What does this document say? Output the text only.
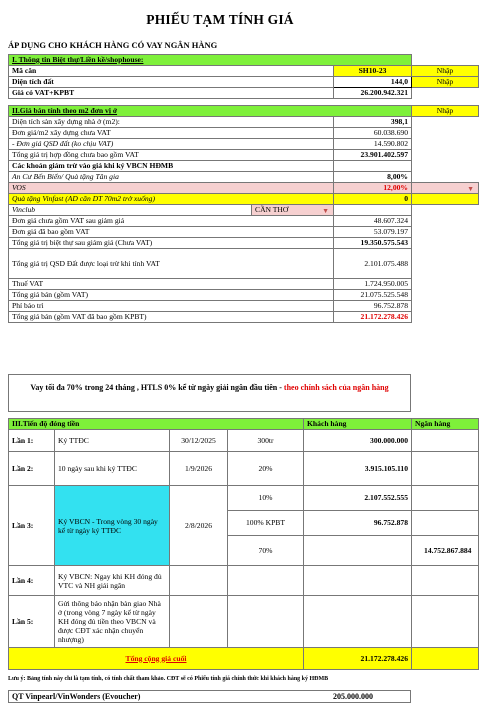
PHIẾU TẠM TÍNH GIÁ
ÁP DỤNG CHO KHÁCH HÀNG CÓ VAY NGÂN HÀNG
I. Thông tin Biệt thự/Liền kề/shophouse:			
Mã căn		SH10-23	Nhập
Diện tích đất		144,0	Nhập
Giá có VAT+KPBT		26.200.942.321	

II.Giá bán tính theo m2 đơn vị ở			Nhập
Diện tích sàn xây dựng nhà ở (m2):		398,1	
Đơn giá/m2 xây dựng chưa VAT		60.038.690	
- Đơn giá QSD đất (ko chịu VAT)		14.590.802	
Tổng giá trị hợp đồng chưa bao gồm VAT		23.901.402.597	
Các khoản giảm trừ vào giá khi ký VBCN HĐMB			
An Cư Bến Biển/ Quà tặng Tân gia		8,00%	
VOS		12,00%	▼

Quà tặng Vinfast (AD căn DT 70m2 trở xuống)		0	
Vinclub	CẦN THƠ ▼		

Đơn giá chưa gồm VAT sau giảm giá		48.607.324	
Đơn giá đã bao gồm VAT		53.079.197	
Tổng giá trị biệt thự sau giảm giá (Chưa VAT)		19.350.575.543	
Tổng giá trị QSD Đất được loại trừ khi tính VAT		2.101.075.488	
Thuế VAT		1.724.950.005	
Tổng giá bán (gồm VAT)		21.075.525.548	
Phí bảo trì		96.752.878	
Tổng giá bán (gồm VAT đã bao gồm KPBT)		21.172.278.426	
Vay tối đa 70% trong 24 tháng , HTLS 0% kể từ ngày giải ngân đầu tiên - theo chính sách của ngân hàng
III.Tiến độ đóng tiền				Khách hàng	Ngân hàng
Lần 1:	Ký TTĐC	30/12/2025	300tr	300.000.000	
Lần 2:	10 ngày sau khi ký TTĐC	1/9/2026	20%	3.915.105.110	
Lần 3:	Ký VBCN - Trong vòng 30 ngày kể từ ngày ký TTĐC	2/8/2026	10%	2.107.552.555	
			100% KPBT	96.752.878	
			70%		14.752.867.884
Lần 4:	Ký VBCN: Ngay khi KH đóng đủ VTC và NH giải ngân				
Lần 5:	Gửi thông báo nhận bàn giao Nhà ở (trong vòng 7 ngày kể từ ngày KH đóng đủ tiền theo VBCN và được CĐT xác nhận chuyển nhượng)				
Tổng cộng giá cuối				21.172.278.426	
Lưu ý: Bảng tính này chỉ là tạm tính, có tính chất tham khảo. CĐT sẽ có Phiếu tính giá chính thức khi khách hàng ký HĐMB
QT Vinpearl/VinWonders (Evoucher)	205.000.000
